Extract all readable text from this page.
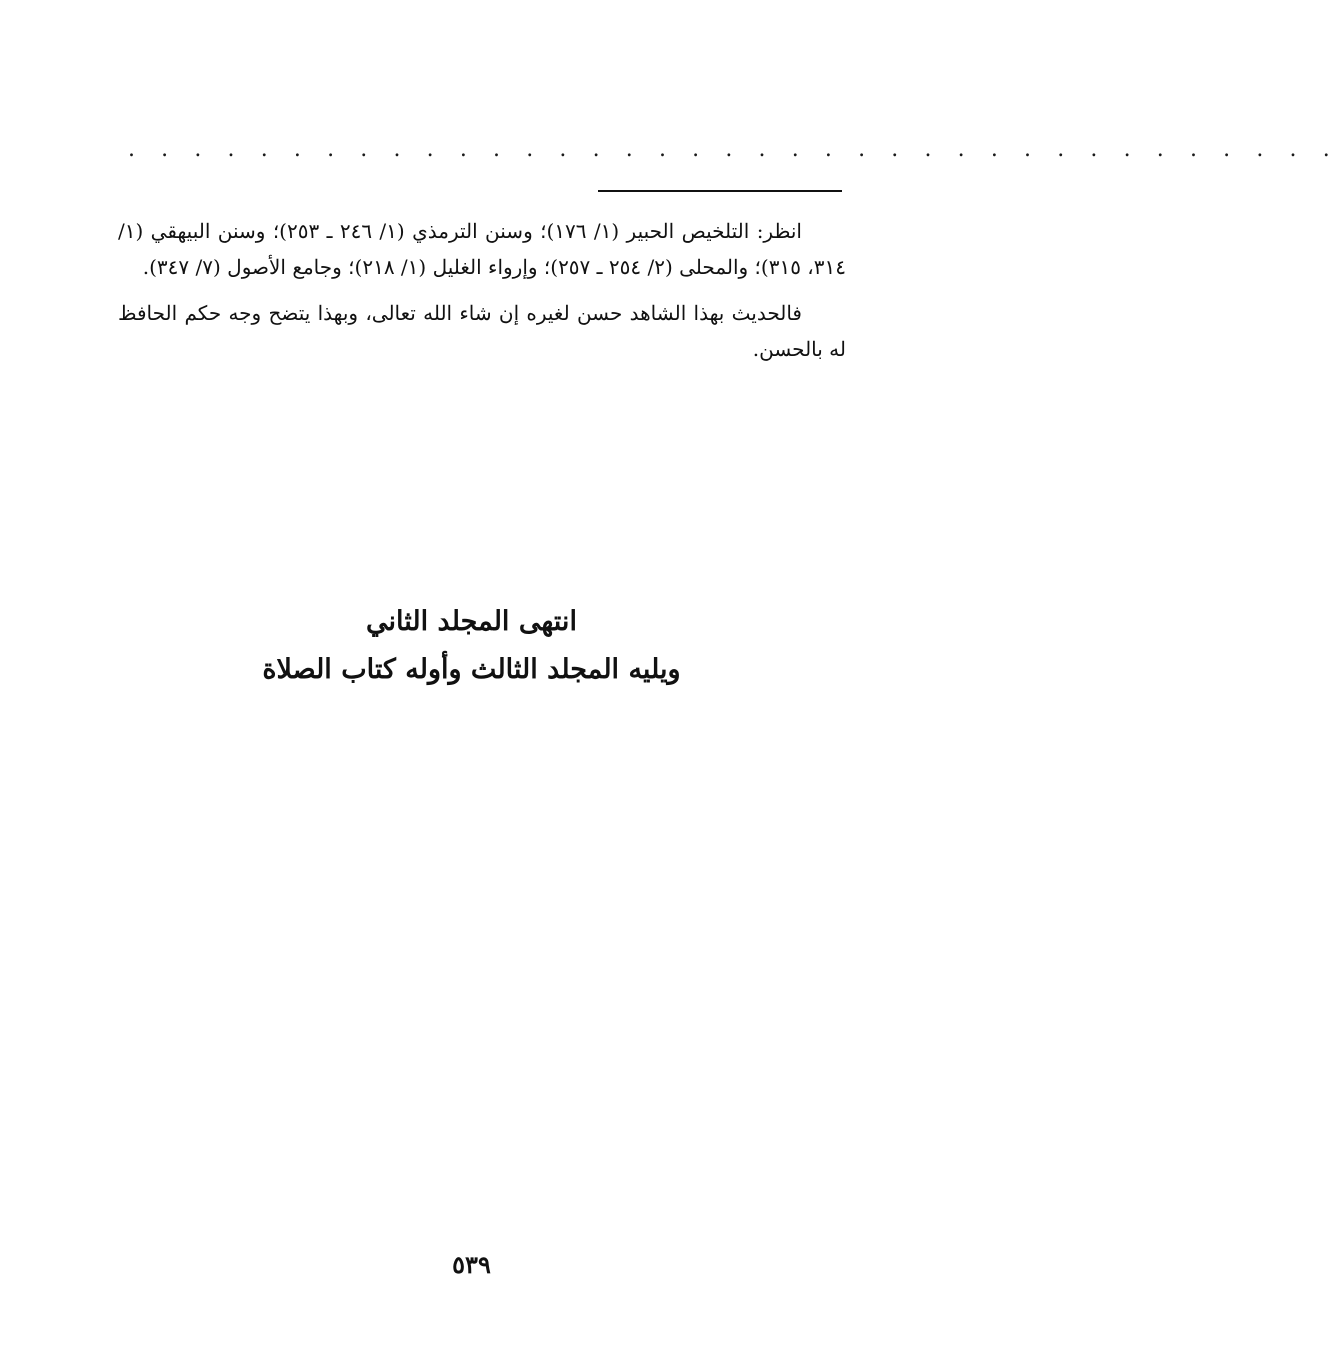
. . . . . . . . . . . . . . . . . . . . . . . . . . . . . . . . . . . . .

انظر: التلخيص الحبير (١/ ١٧٦)؛ وسنن الترمذي (١/ ٢٤٦ ـ ٢٥٣)؛ وسنن البيهقي (١/ ٣١٤، ٣١٥)؛ والمحلى (٢/ ٢٥٤ ـ ٢٥٧)؛ وإرواء الغليل (١/ ٢١٨)؛ وجامع الأصول (٧/ ٣٤٧).

فالحديث بهذا الشاهد حسن لغيره إن شاء الله تعالى، وبهذا يتضح وجه حكم الحافظ له بالحسن.

انتهى المجلد الثاني
ويليه المجلد الثالث وأوله كتاب الصلاة
٥٣٩
